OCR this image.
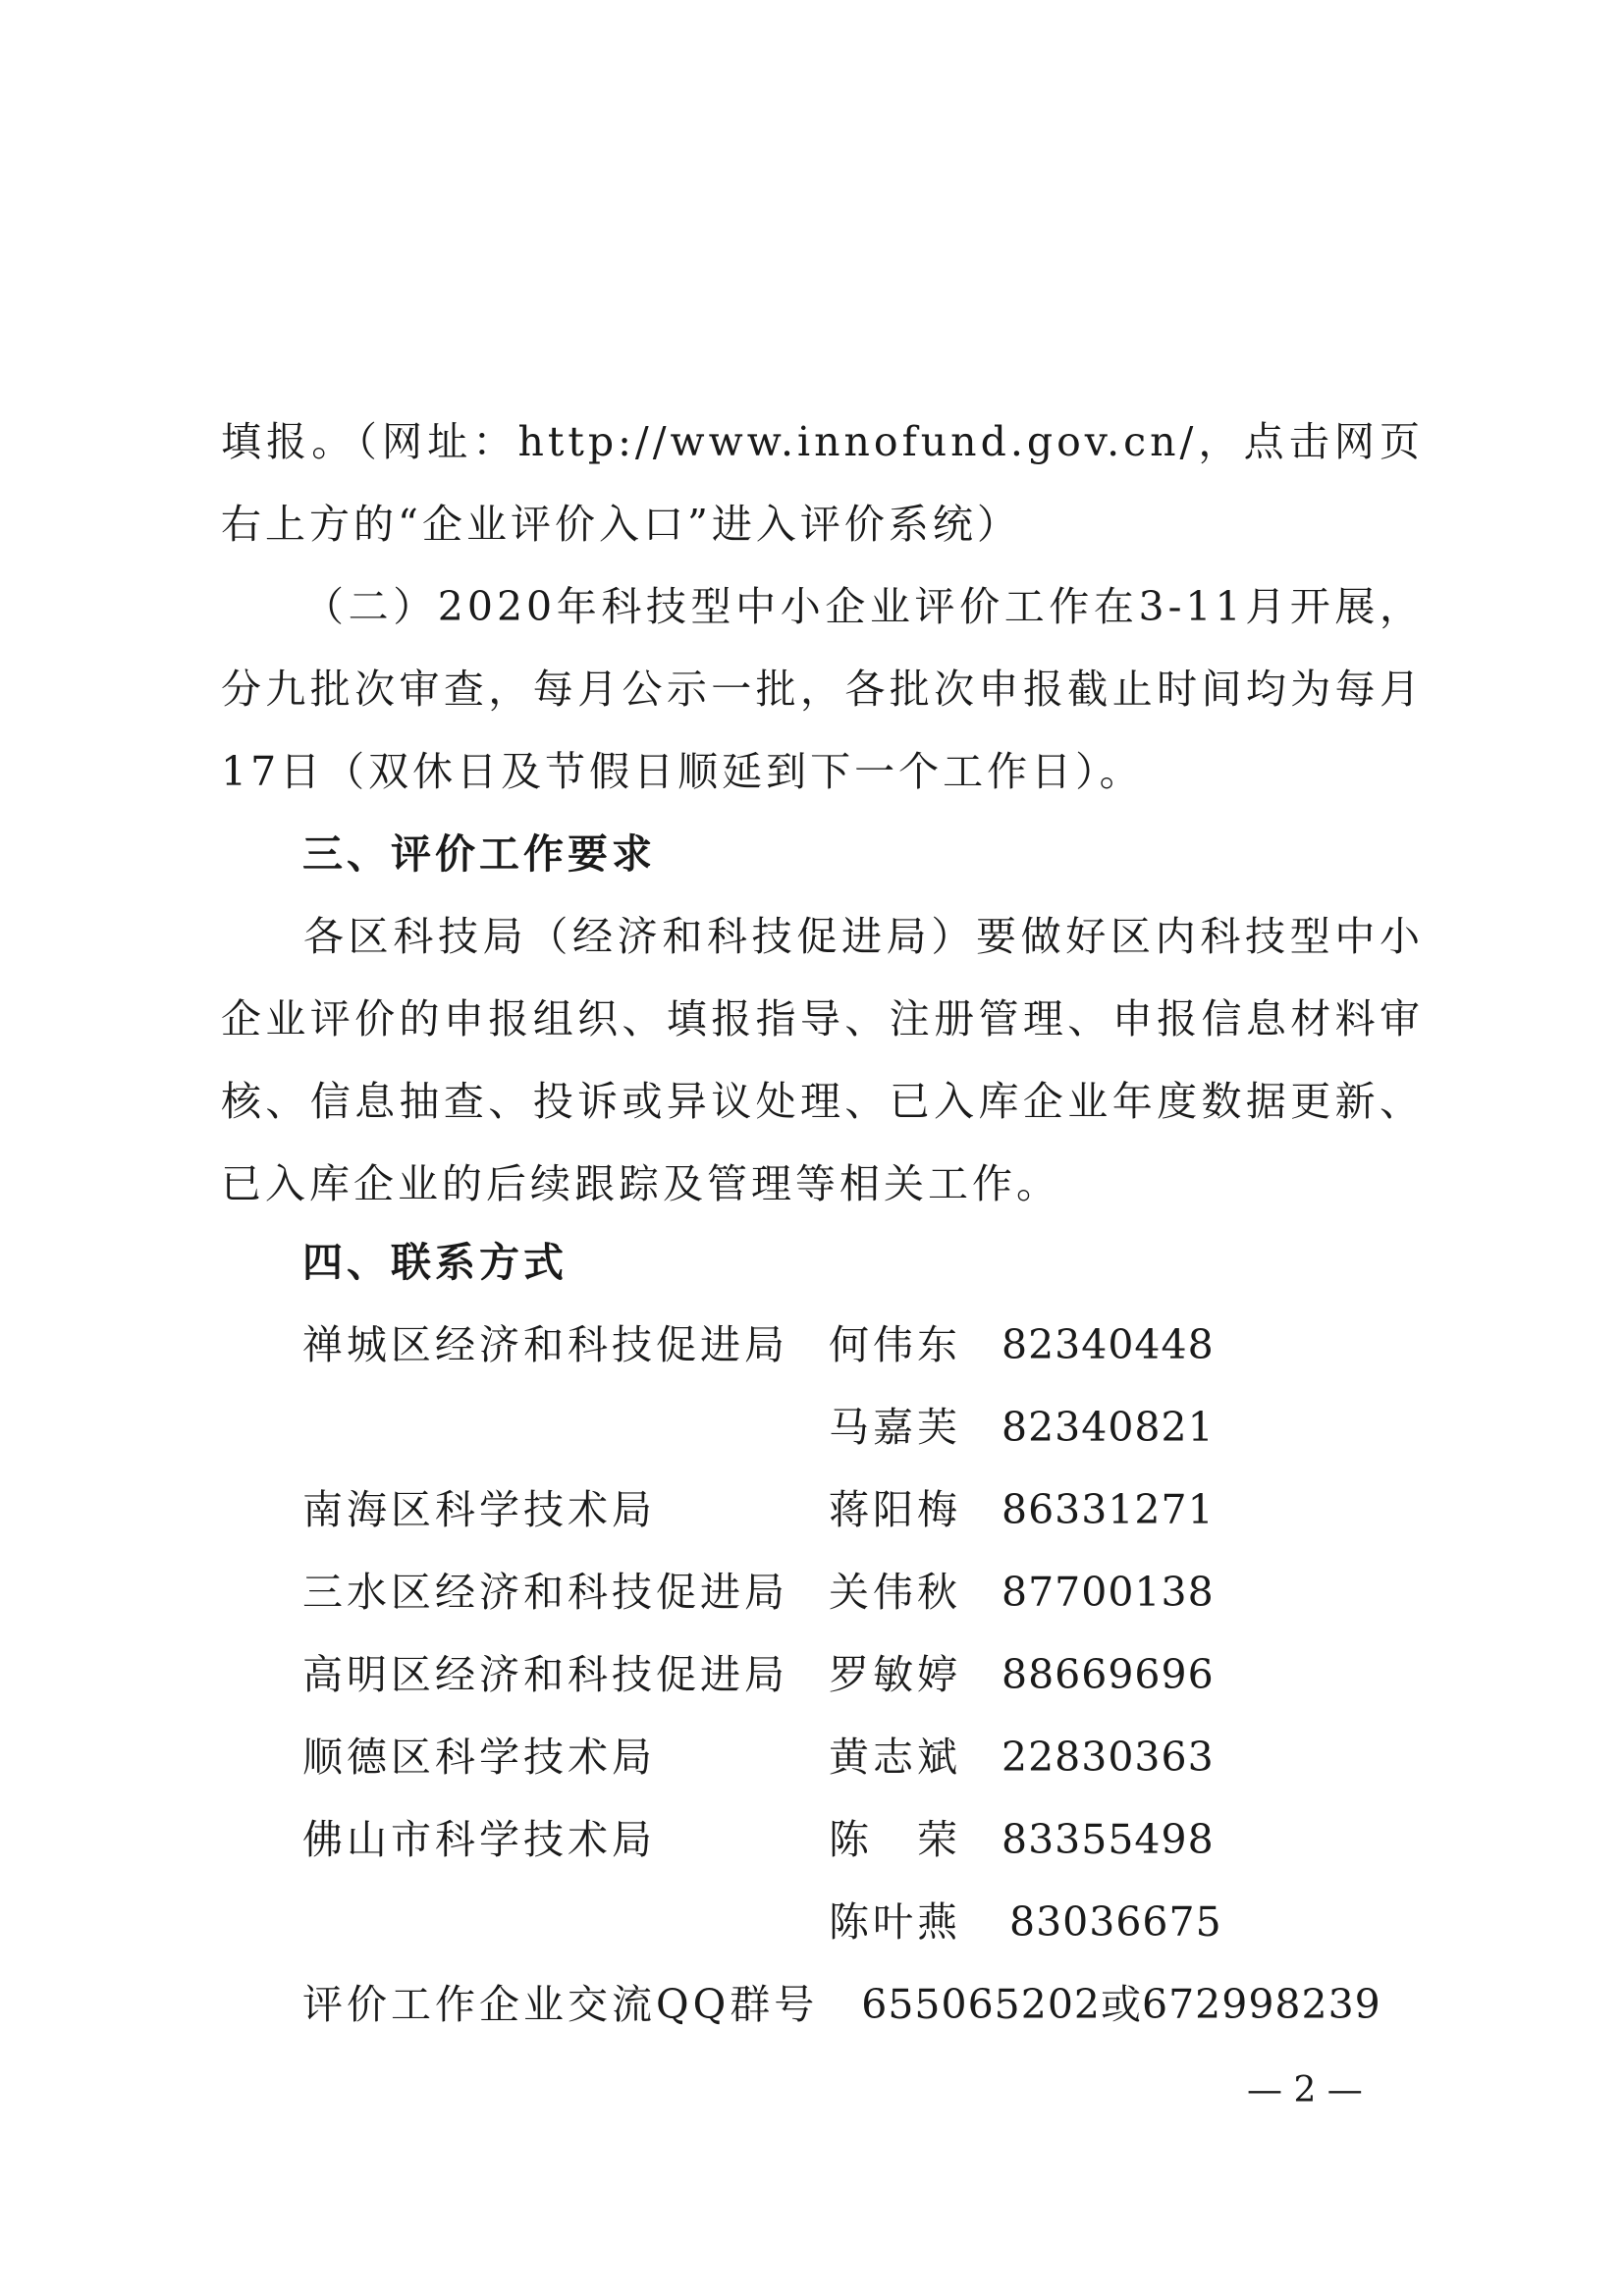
填报。（网址：http://www.innofund.gov.cn/，点击网页右上方的“企业评价入口”进入评价系统）

（二）2020年科技型中小企业评价工作在3-11月开展，分九批次审查，每月公示一批，各批次申报截止时间均为每月17日（双休日及节假日顺延到下一个工作日）。

三、评价工作要求

各区科技局（经济和科技促进局）要做好区内科技型中小企业评价的申报组织、填报指导、注册管理、申报信息材料审核、信息抽查、投诉或异议处理、已入库企业年度数据更新、已入库企业的后续跟踪及管理等相关工作。

四、联系方式
禅城区经济和科技促进局 何伟东 82340448
马嘉芙 82340821
南海区科学技术局	蒋阳梅 86331271
三水区经济和科技促进局 关伟秋 87700138
高明区经济和科技促进局 罗敏婷 88669696
顺德区科学技术局	黄志斌 22830363
佛山市科学技术局	陈　荣 83355498
陈叶燕 83036675
评价工作企业交流QQ群号 655065202或672998239
— 2 —
